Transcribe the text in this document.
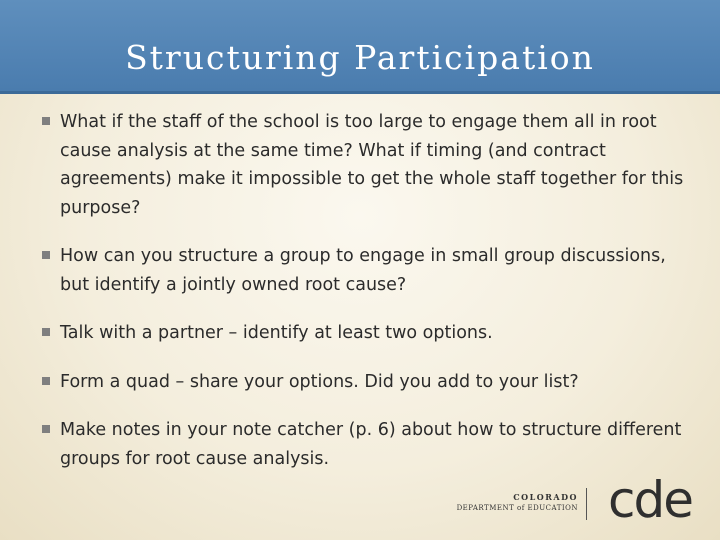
Structuring Participation
What if the staff of the school is too large to engage them all in root cause analysis at the same time? What if timing (and contract agreements) make it impossible to get the whole staff together for this purpose?
How can you structure a group to engage in small group discussions, but identify a jointly owned root cause?
Talk with a partner – identify at least two options.
Form a quad – share your options. Did you add to your list?
Make notes in your note catcher (p. 6) about how to structure different groups for root cause analysis.
COLORADO
DEPARTMENT of EDUCATION cde
